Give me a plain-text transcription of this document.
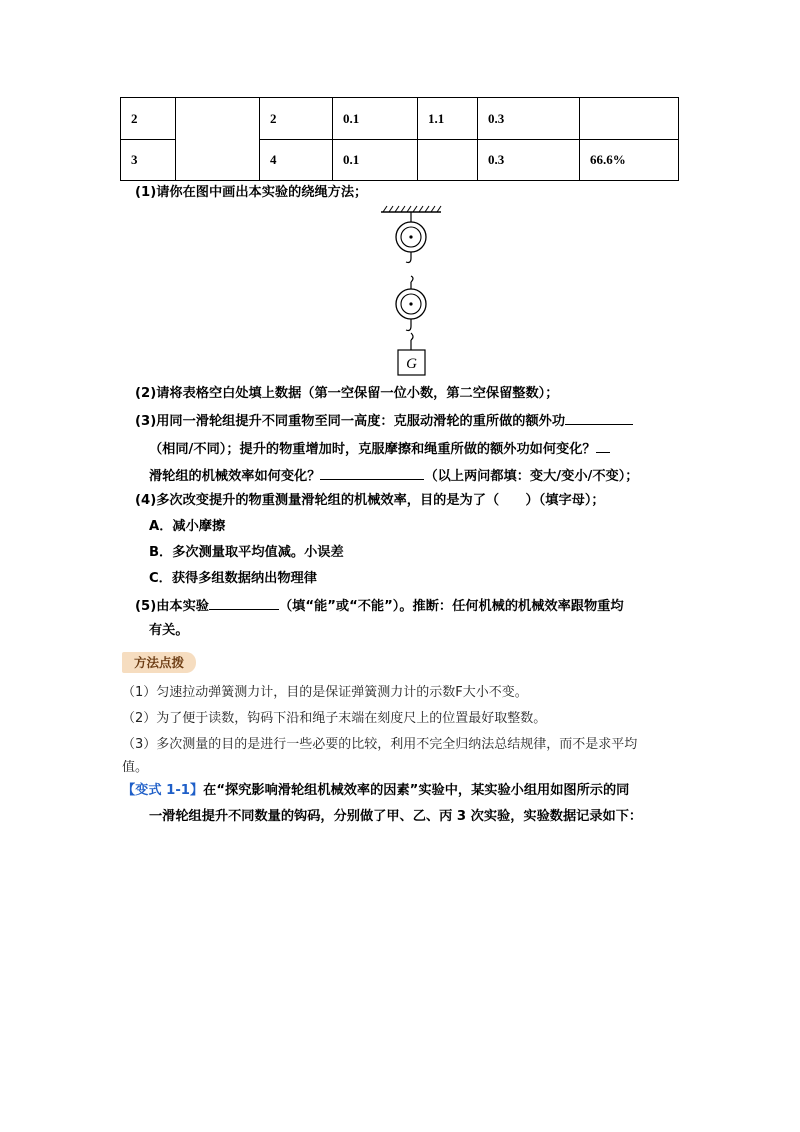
2		2	0.1	1.1	0.3	
3		4	0.1		0.3	66.6%
(1)请你在图中画出本实验的绕绳方法；
G
(2)请将表格空白处填上数据（第一空保留一位小数，第二空保留整数）；
(3)用同一滑轮组提升不同重物至同一高度：克服动滑轮的重所做的额外功
（相同/不同）；提升的物重增加时，克服摩擦和绳重所做的额外功如何变化？
滑轮组的机械效率如何变化？	（以上两问都填：变大/变小/不变）；
(4)多次改变提升的物重测量滑轮组的机械效率，目的是为了（　　）（填字母）；
A．减小摩擦
B．多次测量取平均值减。小误差
C．获得多组数据纳出物理律
(5)由本实验	（填“能”或“不能”）。推断：任何机械的机械效率跟物重均
有关。
方法点拨
（1）匀速拉动弹簧测力计，目的是保证弹簧测力计的示数F大小不变。
（2）为了便于读数，钩码下沿和绳子末端在刻度尺上的位置最好取整数。
（3）多次测量的目的是进行一些必要的比较，利用不完全归纳法总结规律，而不是求平均
值。
【变式 1-1】在“探究影响滑轮组机械效率的因素”实验中，某实验小组用如图所示的同
一滑轮组提升不同数量的钩码，分别做了甲、乙、丙 3 次实验，实验数据记录如下：
